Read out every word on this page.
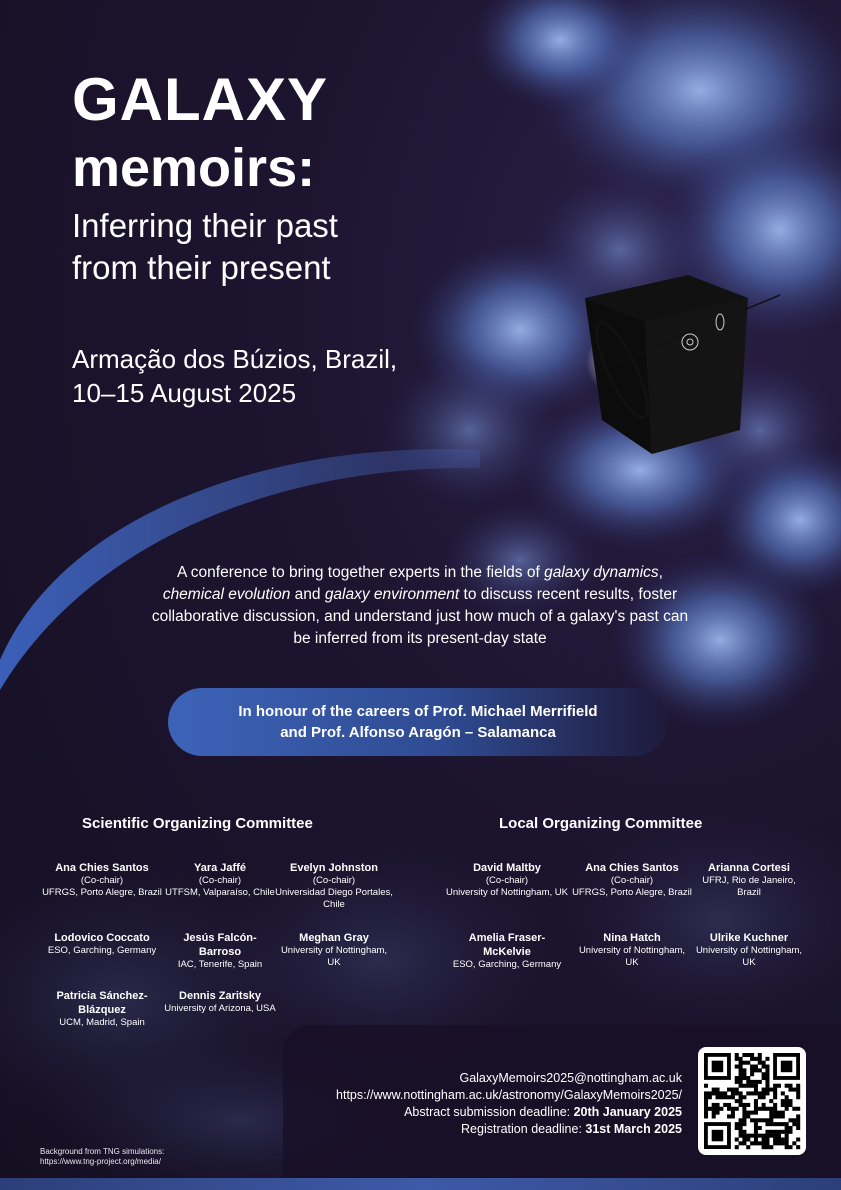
GALAXY
memoirs:
Inferring their past
from their present
Armação dos Búzios, Brazil,
10–15 August 2025
A conference to bring together experts in the fields of galaxy dynamics, chemical evolution and galaxy environment to discuss recent results, foster collaborative discussion, and understand just how much of a galaxy's past can be inferred from its present-day state
In honour of the careers of Prof. Michael Merrifield
and Prof. Alfonso Aragón – Salamanca
Scientific Organizing Committee	Local Organizing Committee
Ana Chies Santos
(Co-chair)
UFRGS, Porto Alegre, Brazil
Yara Jaffé
(Co-chair)
UTFSM, Valparaíso, Chile
Evelyn Johnston
(Co-chair)
Universidad Diego Portales, Chile
Lodovico Coccato
ESO, Garching, Germany
Jesús Falcón-Barroso
IAC, Tenerife, Spain
Meghan Gray
University of Nottingham, UK
Patricia Sánchez-Blázquez
UCM, Madrid, Spain
Dennis Zaritsky
University of Arizona, USA
David Maltby
(Co-chair)
University of Nottingham, UK
Ana Chies Santos
(Co-chair)
UFRGS, Porto Alegre, Brazil
Arianna Cortesi
UFRJ, Rio de Janeiro, Brazil
Amelia Fraser-McKelvie
ESO, Garching, Germany
Nina Hatch
University of Nottingham, UK
Ulrike Kuchner
University of Nottingham, UK
GalaxyMemoirs2025@nottingham.ac.uk
https://www.nottingham.ac.uk/astronomy/GalaxyMemoirs2025/
Abstract submission deadline: 20th January 2025
Registration deadline: 31st March 2025
Background from TNG simulations:
https://www.tng-project.org/media/
